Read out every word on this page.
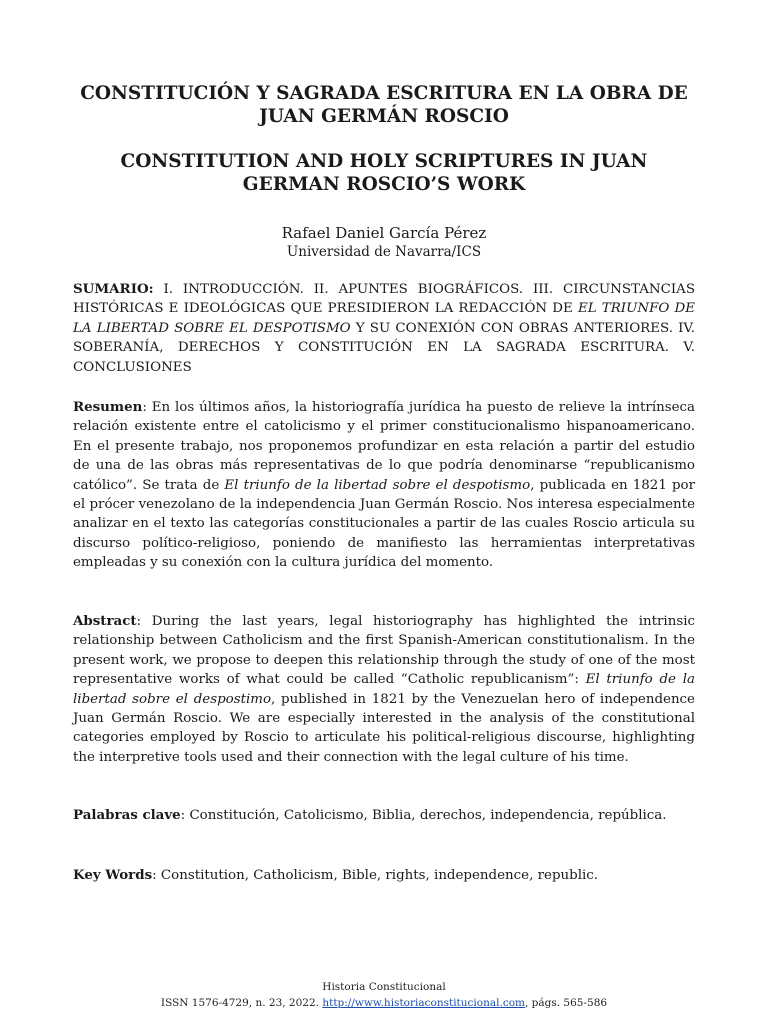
CONSTITUCIÓN Y SAGRADA ESCRITURA EN LA OBRA DE JUAN GERMÁN ROSCIO
CONSTITUTION AND HOLY SCRIPTURES IN JUAN GERMAN ROSCIO’S WORK
Rafael Daniel García Pérez
Universidad de Navarra/ICS

SUMARIO: I. INTRODUCCIÓN. II. APUNTES BIOGRÁFICOS. III. CIRCUNSTANCIAS HISTÓRICAS E IDEOLÓGICAS QUE PRESIDIERON LA REDACCIÓN DE EL TRIUNFO DE LA LIBERTAD SOBRE EL DESPOTISMO Y SU CONEXIÓN CON OBRAS ANTERIORES. IV. SOBERANÍA, DERECHOS Y CONSTITUCIÓN EN LA SAGRADA ESCRITURA. V. CONCLUSIONES

Resumen: En los últimos años, la historiografía jurídica ha puesto de relieve la intrínseca relación existente entre el catolicismo y el primer constitucionalismo hispanoamericano. En el presente trabajo, nos proponemos profundizar en esta relación a partir del estudio de una de las obras más representativas de lo que podría denominarse “republicanismo católico”. Se trata de El triunfo de la libertad sobre el despotismo, publicada en 1821 por el prócer venezolano de la independencia Juan Germán Roscio. Nos interesa especialmente analizar en el texto las categorías constitucionales a partir de las cuales Roscio articula su discurso político-religioso, poniendo de manifiesto las herramientas interpretativas empleadas y su conexión con la cultura jurídica del momento.

Abstract: During the last years, legal historiography has highlighted the intrinsic relationship between Catholicism and the first Spanish-American constitutionalism. In the present work, we propose to deepen this relationship through the study of one of the most representative works of what could be called “Catholic republicanism”: El triunfo de la libertad sobre el despostimo, published in 1821 by the Venezuelan hero of independence Juan Germán Roscio. We are especially interested in the analysis of the constitutional categories employed by Roscio to articulate his political-religious discourse, highlighting the interpretive tools used and their connection with the legal culture of his time.

Palabras clave: Constitución, Catolicismo, Biblia, derechos, independencia, república.

Key Words: Constitution, Catholicism, Bible, rights, independence, republic.

Historia Constitucional
ISSN 1576-4729, n. 23, 2022. http://www.historiaconstitucional.com, págs. 565-586
